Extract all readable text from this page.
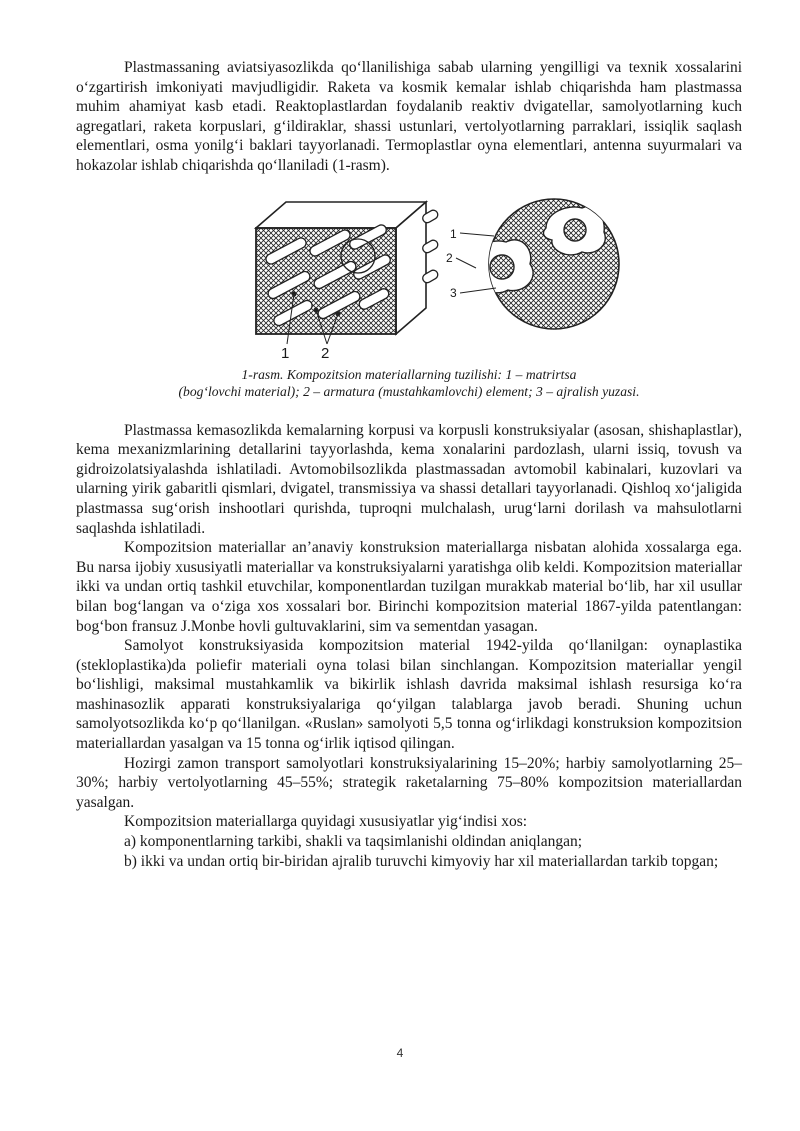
Plastmassaning aviatsiyasozlikda qo‘llanilishiga sabab ularning yengilligi va texnik xossalarini o‘zgartirish imkoniyati mavjudligidir. Raketa va kosmik kemalar ishlab chiqarishda ham plastmassa muhim ahamiyat kasb etadi. Reaktoplastlardan foydalanib reaktiv dvigatellar, samolyotlarning kuch agregatlari, raketa korpuslari, g‘ildiraklar, shassi ustunlari, vertolyotlarning parraklari, issiqlik saqlash elementlari, osma yonilg‘i baklari tayyorlanadi. Termoplastlar oyna elementlari, antenna suyurmalari va hokazolar ishlab chiqarishda qo‘llaniladi (1-rasm).

1 2
1
2
3

1-rasm. Kompozitsion materiallarning tuzilishi: 1 – matrirtsa
(bog‘lovchi material); 2 – armatura (mustahkamlovchi) element; 3 – ajralish yuzasi.

Plastmassa kemasozlikda kemalarning korpusi va korpusli konstruksiyalar (asosan, shishaplastlar), kema mexanizmlarining detallarini tayyorlashda, kema xonalarini pardozlash, ularni issiq, tovush va gidroizolatsiyalashda ishlatiladi. Avtomobilsozlikda plastmassadan avtomobil kabinalari, kuzovlari va ularning yirik gabaritli qismlari, dvigatel, transmissiya va shassi detallari tayyorlanadi. Qishloq xo‘jaligida plastmassa sug‘orish inshootlari qurishda, tuproqni mulchalash, urug‘larni dorilash va mahsulotlarni saqlashda ishlatiladi.

Kompozitsion materiallar an’anaviy konstruksion materiallarga nisbatan alohida xossalarga ega. Bu narsa ijobiy xususiyatli materiallar va konstruksiyalarni yaratishga olib keldi. Kompozitsion materiallar ikki va undan ortiq tashkil etuvchilar, komponentlardan tuzilgan murakkab material bo‘lib, har xil usullar bilan bog‘langan va o‘ziga xos xossalari bor. Birinchi kompozitsion material 1867-yilda patentlangan: bog‘bon fransuz J.Monbe hovli gultuvaklarini, sim va sementdan yasagan.

Samolyot konstruksiyasida kompozitsion material 1942-yilda qo‘llanilgan: oynaplastika (stekloplastika)da poliefir materiali oyna tolasi bilan sinchlangan. Kompozitsion materiallar yengil bo‘lishligi, maksimal mustahkamlik va bikirlik ishlash davrida maksimal ishlash resursiga ko‘ra mashinasozlik apparati konstruksiyalariga qo‘yilgan talablarga javob beradi. Shuning uchun samolyotsozlikda ko‘p qo‘llanilgan. «Ruslan» samolyoti 5,5 tonna og‘irlikdagi konstruksion kompozitsion materiallardan yasalgan va 15 tonna og‘irlik iqtisod qilingan.

Hozirgi zamon transport samolyotlari konstruksiyalarining 15–20%; harbiy samolyotlarning 25–30%; harbiy vertolyotlarning 45–55%; strategik raketalarning 75–80% kompozitsion materiallardan yasalgan.

Kompozitsion materiallarga quyidagi xususiyatlar yig‘indisi xos:

a) komponentlarning tarkibi, shakli va taqsimlanishi oldindan aniqlangan;

b) ikki va undan ortiq bir-biridan ajralib turuvchi kimyoviy har xil materiallardan tarkib topgan;

4
